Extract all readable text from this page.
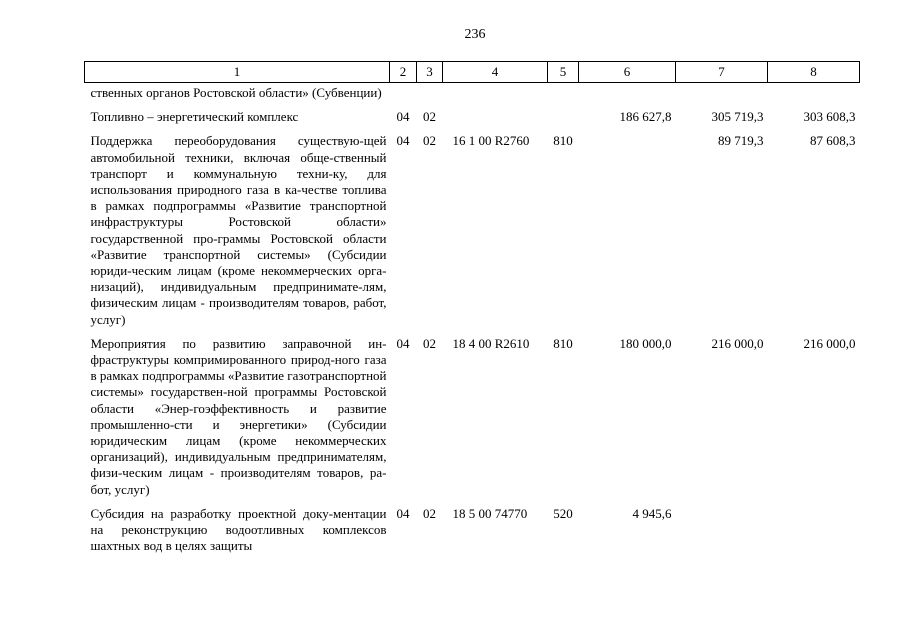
236
1	2	3	4	5	6	7	8
ственных органов Ростовской области» (Субвенции)							
Топливно – энергетический комплекс	04	02			186 627,8	305 719,3	303 608,3
Поддержка переоборудования существую-щей автомобильной техники, включая обще-ственный транспорт и коммунальную техни-ку, для использования природного газа в ка-честве топлива в рамках подпрограммы «Развитие транспортной инфраструктуры Ростовской области» государственной про-граммы Ростовской области «Развитие транспортной системы» (Субсидии юриди-ческим лицам (кроме некоммерческих орга-низаций), индивидуальным предпринимате-лям, физическим лицам - производителям товаров, работ, услуг)	04	02	16 1 00 R2760	810		89 719,3	87 608,3
Мероприятия по развитию заправочной ин-фраструктуры компримированного природ-ного газа в рамках подпрограммы «Развитие газотранспортной системы» государствен-ной программы Ростовской области «Энер-гоэффективность и развитие промышленно-сти и энергетики» (Субсидии юридическим лицам (кроме некоммерческих организаций), индивидуальным предпринимателям, физи-ческим лицам - производителям товаров, ра-бот, услуг)	04	02	18 4 00 R2610	810	180 000,0	216 000,0	216 000,0
Субсидия на разработку проектной доку-ментации на реконструкцию водоотливных комплексов шахтных вод в целях защиты	04	02	18 5 00 74770	520	4 945,6		
